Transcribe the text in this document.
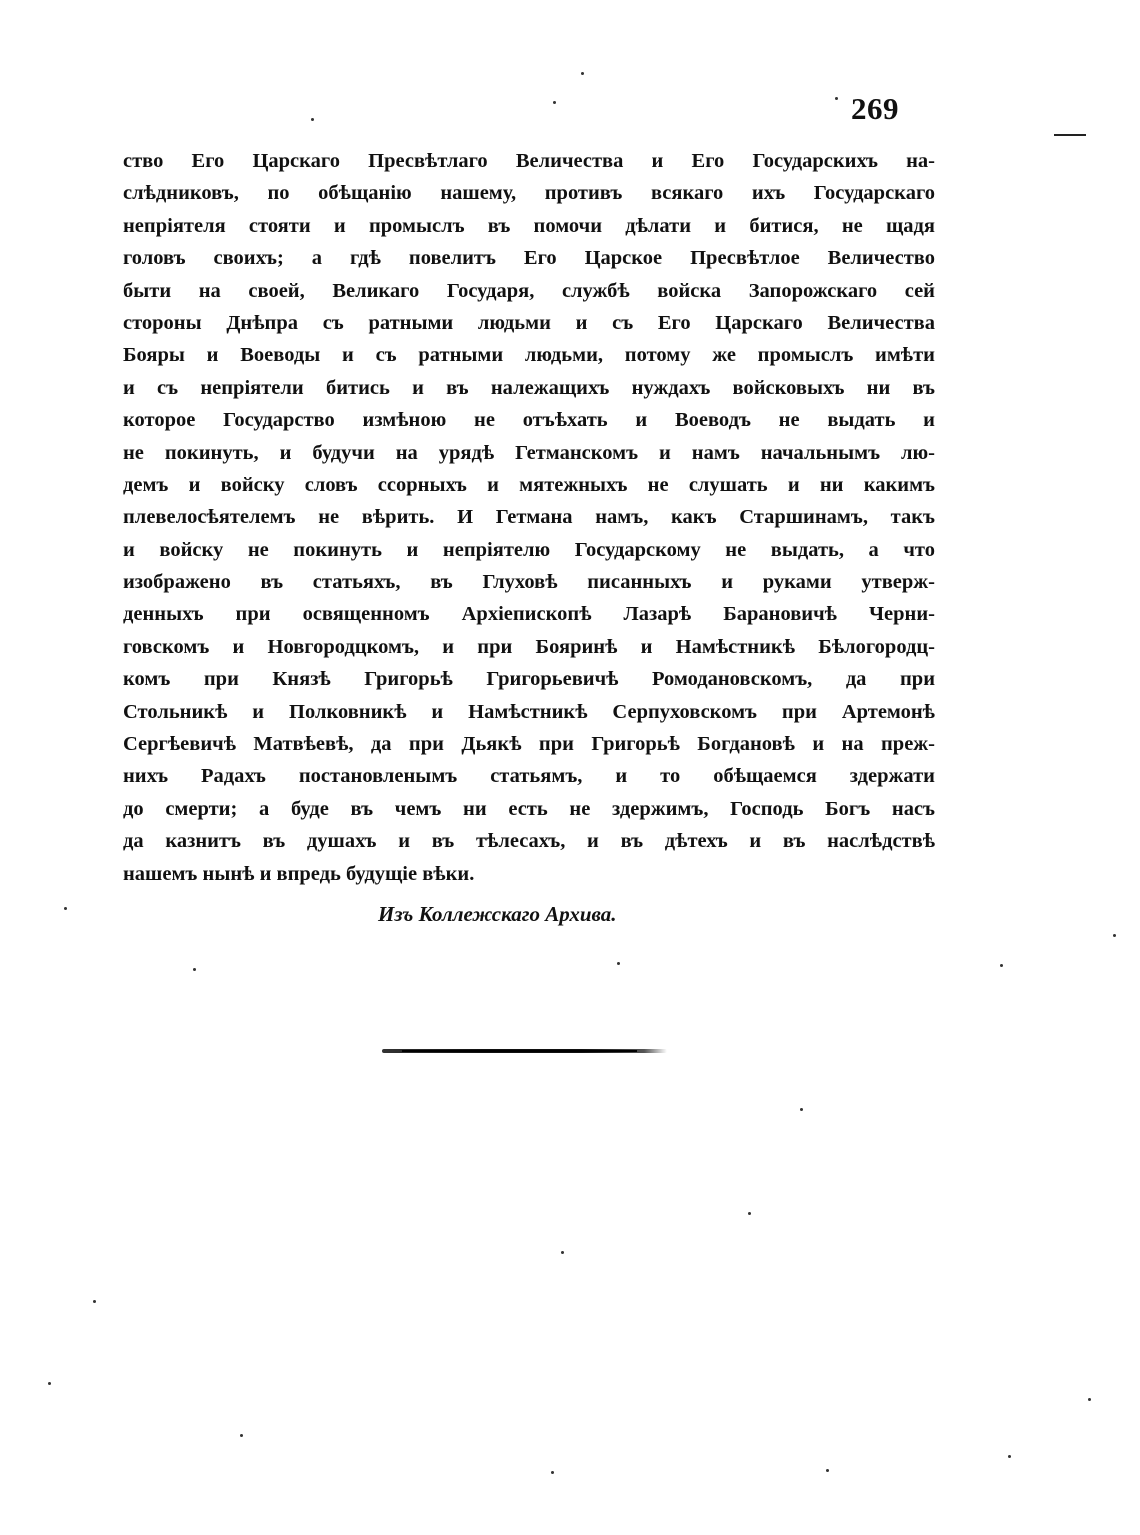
269
ство Его Царскаго Пресвѣтлаго Величества и Его Государскихъ на-
слѣдниковъ, по обѣщанію нашему, противъ всякаго ихъ Государскаго
непріятеля стояти и промыслъ въ помочи дѣлати и битися, не щадя
головъ своихъ; а гдѣ повелитъ Его Царское Пресвѣтлое Величество
быти на своей, Великаго Государя, службѣ войска Запорожскаго сей
стороны Днѣпра съ ратными людьми и съ Его Царскаго Величества
Бояры и Воеводы и съ ратными людьми, потому же промыслъ имѣти
и съ непріятели битись и въ належащихъ нуждахъ войсковыхъ ни въ
которое Государство измѣною не отъѣхать и Воеводъ не выдать и
не покинуть, и будучи на урядѣ Гетманскомъ и намъ начальнымъ лю-
демъ и войску словъ ссорныхъ и мятежныхъ не слушать и ни какимъ
плевелосѣятелемъ не вѣрить. И Гетмана намъ, какъ Старшинамъ, такъ
и войску не покинуть и непріятелю Государскому не выдать, а что
изображено въ статьяхъ, въ Глуховѣ писанныхъ и руками утверж-
денныхъ при освященномъ Архіепископѣ Лазарѣ Барановичѣ Черни-
говскомъ и Новгородцкомъ, и при Бояринѣ и Намѣстникѣ Бѣлогородц-
комъ при Князѣ Григорьѣ Григорьевичѣ Ромодановскомъ, да при
Стольникѣ и Полковникѣ и Намѣстникѣ Серпуховскомъ при Артемонѣ
Сергѣевичѣ Матвѣевѣ, да при Дьякѣ при Григорьѣ Богдановѣ и на преж-
нихъ Радахъ постановленымъ статьямъ, и то обѣщаемся здержати
до смерти; а буде въ чемъ ни есть не здержимъ, Господь Богъ насъ
да казнитъ въ душахъ и въ тѣлесахъ, и въ дѣтехъ и въ наслѣдствѣ
нашемъ нынѣ и впредь будущіе вѣки.
Изъ Коллежскаго Архива.
